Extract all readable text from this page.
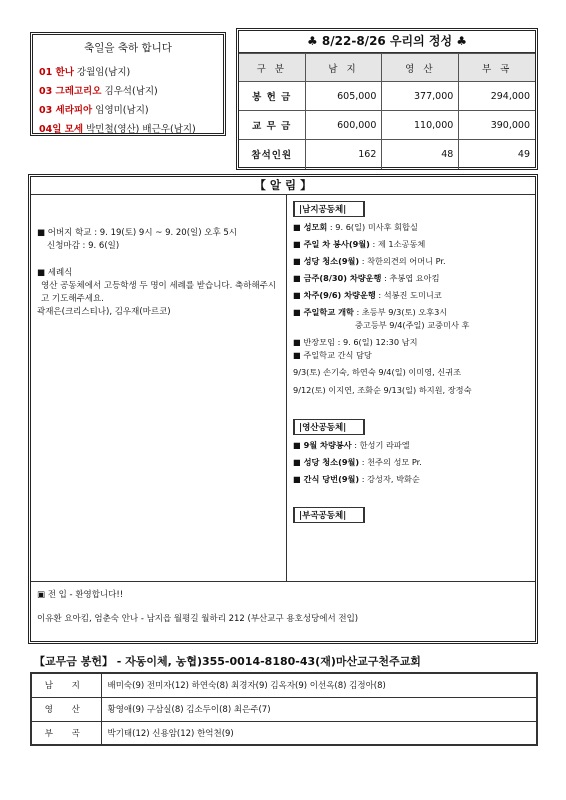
축일을 축하 합니다
01 한나 강월임(남지)
03 그레고리오 김우석(남지)
03 세라피아 임영미(남지)
04일 모세 박민철(영산) 배근우(남지)
♣ 8/22-8/26 우리의 정성 ♣
구 분	남 지	영 산	부 곡
봉 헌 금	605,000	377,000	294,000
교 무 금	600,000	110,000	390,000
참석인원	162	48	49
【 알 림 】
■ 어버지 학교 : 9. 19(토) 9시 ~ 9. 20(일) 오후 5시
신청마감 : 9. 6(일)
■ 세례식
영산 공동체에서 고등학생 두 명이 세례를 받습니다. 축하해주시고 기도해주세요.
곽재은(크리스티나), 김우재(마르코)
|남지공동체|
■ 성모회 : 9. 6(일) 미사후 회합실
■ 주일 차 봉사(9월) : 제 1소공동체
■ 성당 청소(9월) : 착한의견의 어머니 Pr.
■ 금주(8/30) 차량운행 : 추봉엽 요아킴
■ 차주(9/6) 차량운행 : 석봉진 도미니코
■ 주일학교 개학 : 초등부 9/3(토) 오후3시
중고등부 9/4(주일) 교중미사 후
■ 반장모임 : 9. 6(일) 12:30 남지
■ 주일학교 간식 담당
9/3(토) 손기숙, 하연숙 9/4(일) 이미영, 신귀조
9/12(토) 이지연, 조화순 9/13(일) 하지원, 장정숙
|영산공동체|
■ 9월 차량봉사 : 한성기 라파엘
■ 성당 청소(9월) : 천주의 성모 Pr.
■ 간식 당번(9월) : 강성자, 박화순
|부곡공동체|
▣ 전 입 - 환영합니다!!
이유환 요아킴, 엄춘숙 안나 - 남지읍 월평길 월하리 212 (부산교구 용호성당에서 전입)
【교무금 봉헌】 - 자동이체, 농협)355-0014-8180-43(재)마산교구천주교회
남 지	배미숙(9) 전미자(12) 하연숙(8) 최경자(9) 김옥자(9) 이선옥(8) 김정아(8)
영 산	황영애(9) 구삼실(8) 김소두이(8) 최은주(7)
부 곡	박기태(12) 신용암(12) 한억천(9)
